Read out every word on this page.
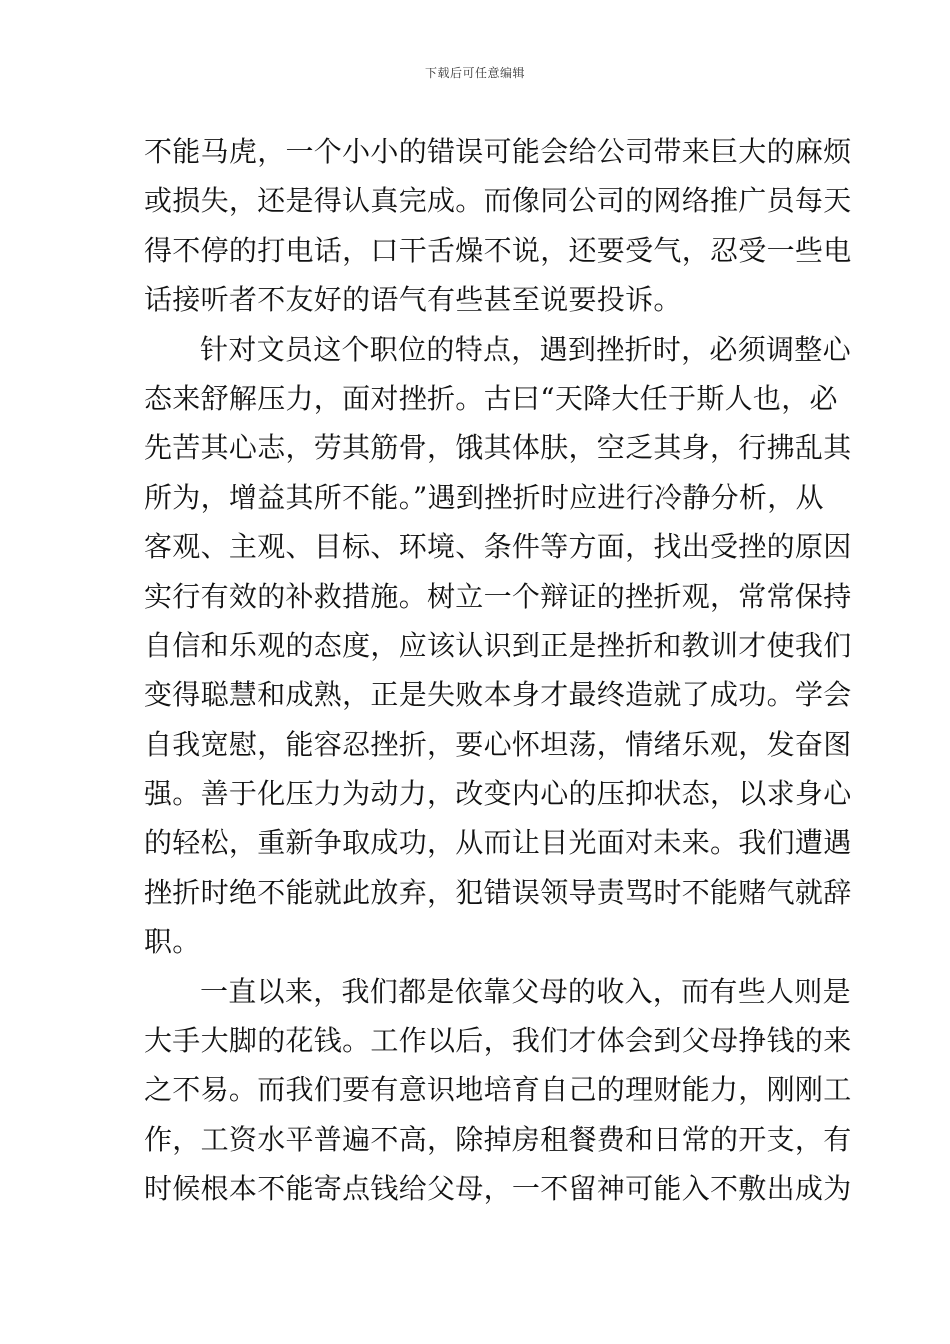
下载后可任意编辑
不能马虎，一个小小的错误可能会给公司带来巨大的麻烦
或损失，还是得认真完成。而像同公司的网络推广员每天
得不停的打电话，口干舌燥不说，还要受气，忍受一些电
话接听者不友好的语气有些甚至说要投诉。
针对文员这个职位的特点，遇到挫折时，必须调整心
态来舒解压力，面对挫折。古曰“天降大任于斯人也，必
先苦其心志，劳其筋骨，饿其体肤，空乏其身，行拂乱其
所为，增益其所不能。”遇到挫折时应进行冷静分析，从
客观、主观、目标、环境、条件等方面，找出受挫的原因
实行有效的补救措施。树立一个辩证的挫折观，常常保持
自信和乐观的态度，应该认识到正是挫折和教训才使我们
变得聪慧和成熟，正是失败本身才最终造就了成功。学会
自我宽慰，能容忍挫折，要心怀坦荡，情绪乐观，发奋图
强。善于化压力为动力，改变内心的压抑状态，以求身心
的轻松，重新争取成功，从而让目光面对未来。我们遭遇
挫折时绝不能就此放弃，犯错误领导责骂时不能赌气就辞
职。
一直以来，我们都是依靠父母的收入，而有些人则是
大手大脚的花钱。工作以后，我们才体会到父母挣钱的来
之不易。而我们要有意识地培育自己的理财能力，刚刚工
作，工资水平普遍不高，除掉房租餐费和日常的开支，有
时候根本不能寄点钱给父母，一不留神可能入不敷出成为
